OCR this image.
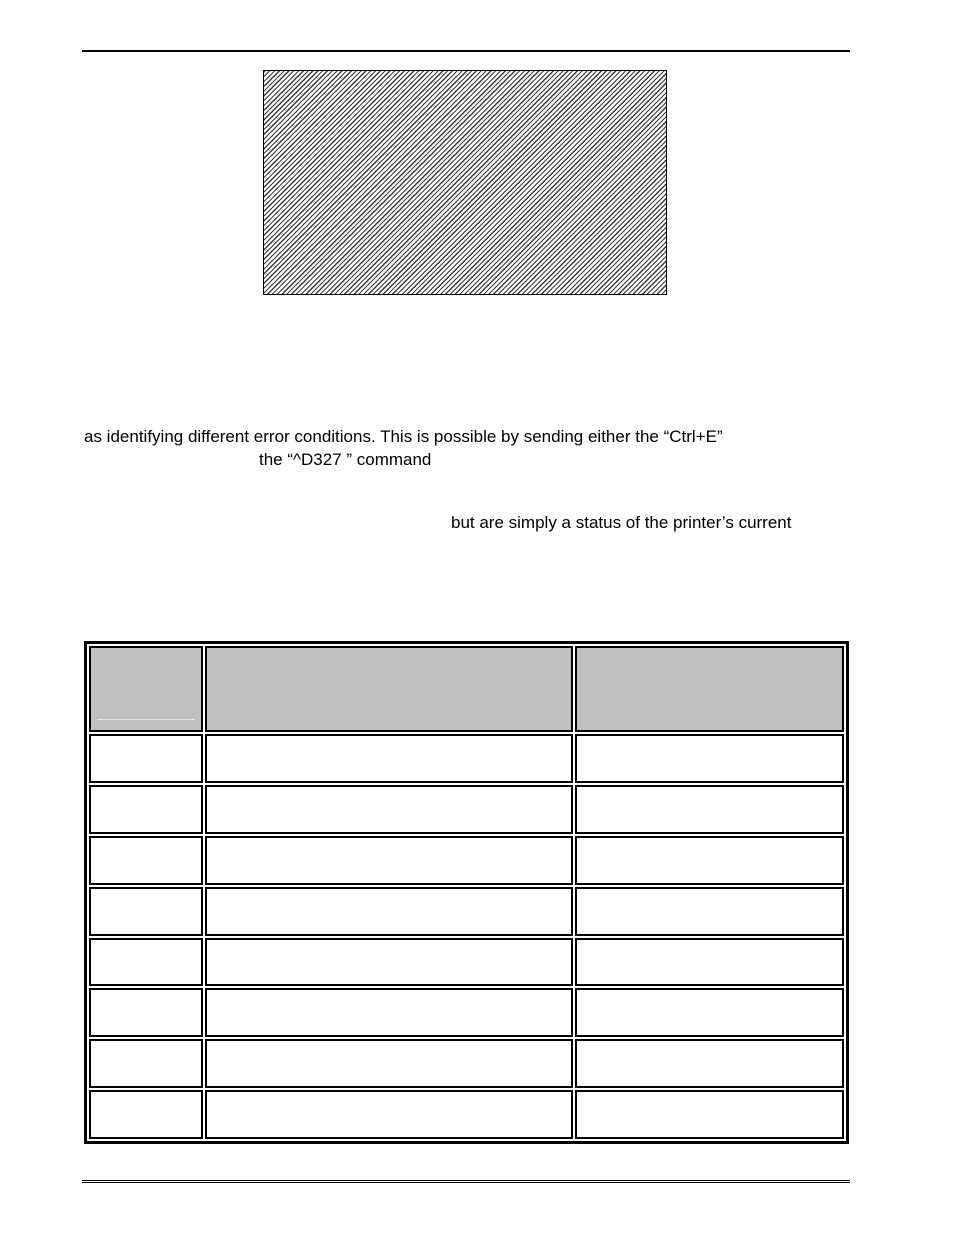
as identifying different error conditions. This is possible by sending either the “Ctrl+E”
the “^D327 ” command
but are simply a status of the printer’s current
